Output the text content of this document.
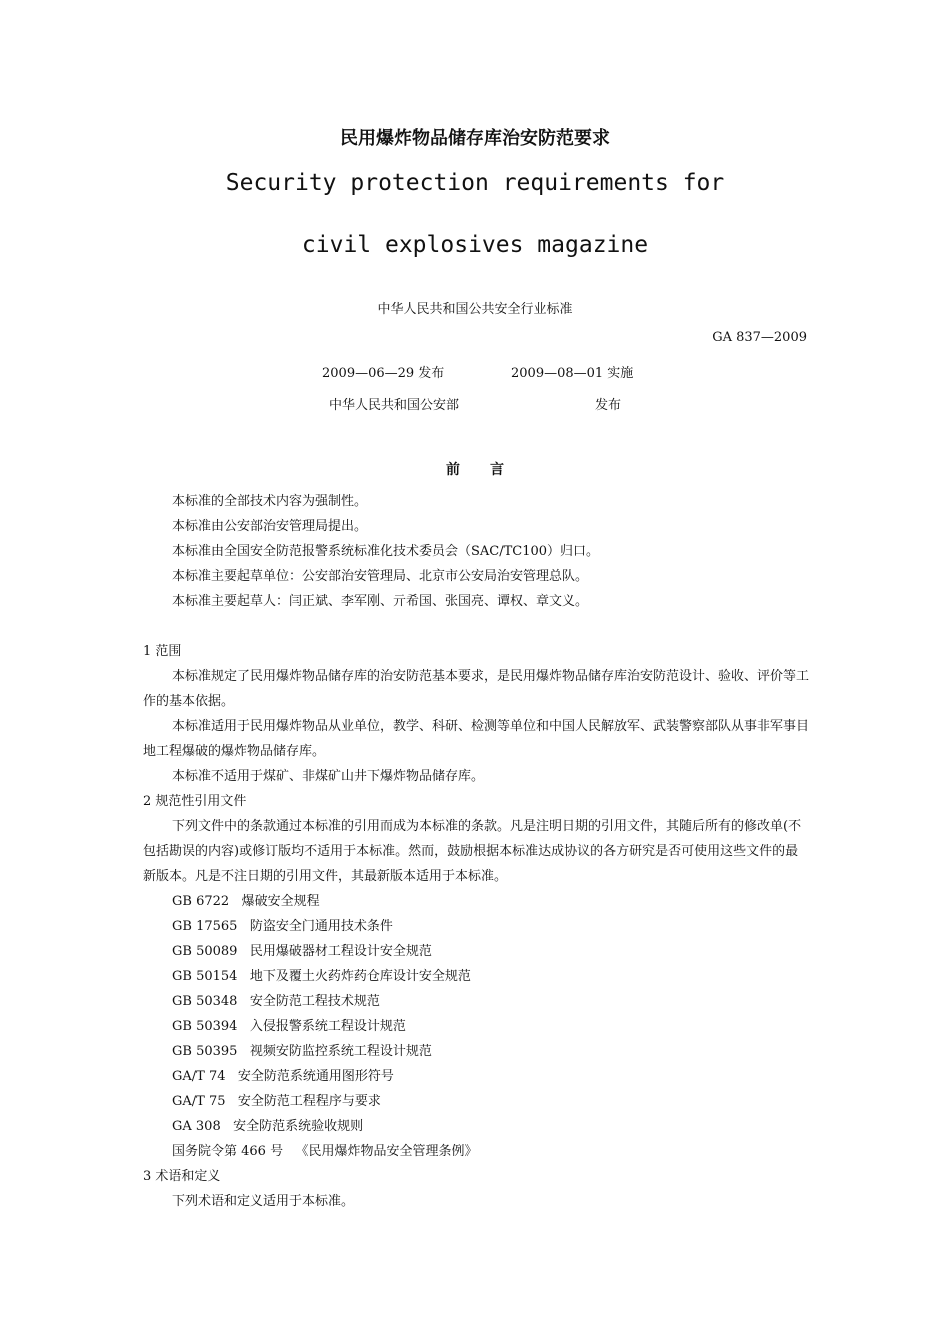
民用爆炸物品储存库治安防范要求
Security protection requirements for
civil explosives magazine
中华人民共和国公共安全行业标准
GA 837—2009
2009—06—29 发布	2009—08—01 实施
中华人民共和国公安部	发布
前 言

本标准的全部技术内容为强制性。

本标准由公安部治安管理局提出。

本标准由全国安全防范报警系统标准化技术委员会（SAC/TC100）归口。

本标准主要起草单位：公安部治安管理局、北京市公安局治安管理总队。

本标准主要起草人：闫正斌、李军刚、亓希国、张国亮、谭权、章文义。

1 范围

本标准规定了民用爆炸物品储存库的治安防范基本要求，是民用爆炸物品储存库治安防范设计、验收、评价等工作的基本依据。

本标准适用于民用爆炸物品从业单位，教学、科研、检测等单位和中国人民解放军、武装警察部队从事非军事目地工程爆破的爆炸物品储存库。

本标准不适用于煤矿、非煤矿山井下爆炸物品储存库。

2 规范性引用文件

下列文件中的条款通过本标准的引用而成为本标准的条款。凡是注明日期的引用文件，其随后所有的修改单(不包括勘误的内容)或修订版均不适用于本标准。然而，鼓励根据本标准达成协议的各方研究是否可使用这些文件的最新版本。凡是不注日期的引用文件，其最新版本适用于本标准。

GB 6722 爆破安全规程

GB 17565 防盗安全门通用技术条件

GB 50089 民用爆破器材工程设计安全规范

GB 50154 地下及覆土火药炸药仓库设计安全规范

GB 50348 安全防范工程技术规范

GB 50394 入侵报警系统工程设计规范

GB 50395 视频安防监控系统工程设计规范

GA/T 74 安全防范系统通用图形符号

GA/T 75 安全防范工程程序与要求

GA 308 安全防范系统验收规则

国务院令第 466 号 《民用爆炸物品安全管理条例》

3 术语和定义

下列术语和定义适用于本标准。
